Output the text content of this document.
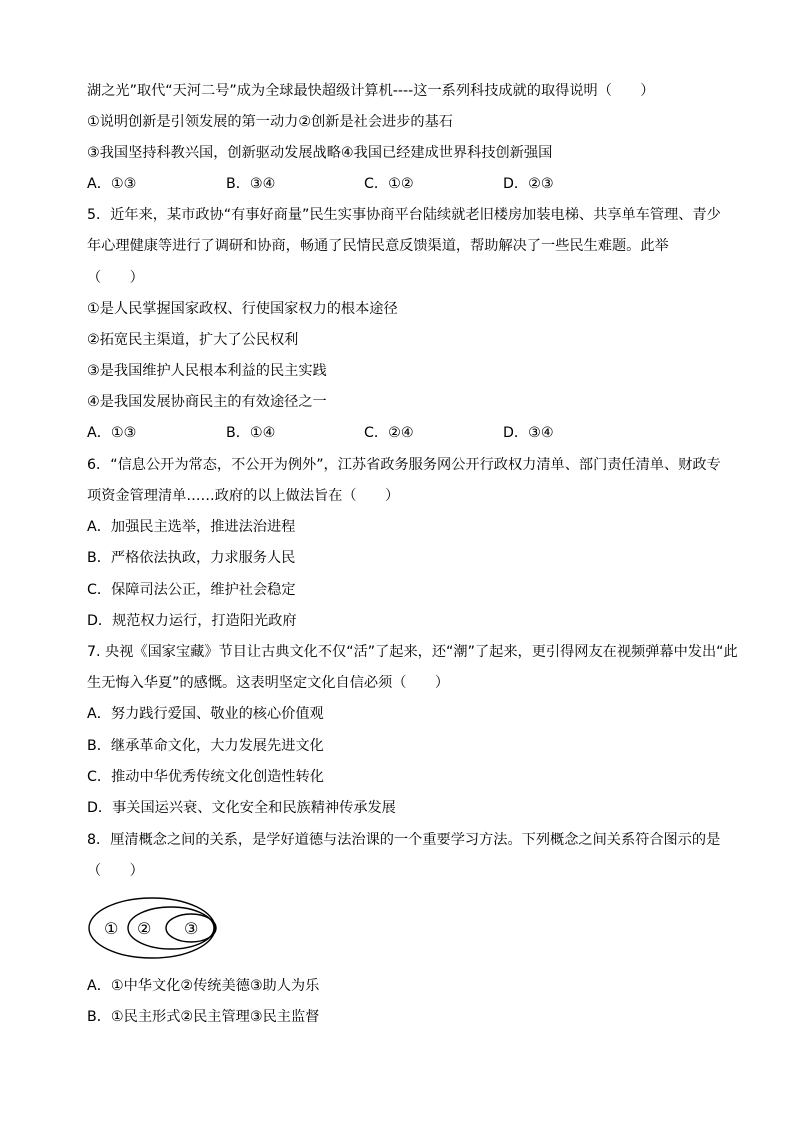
湖之光”取代“天河二号”成为全球最快超级计算机----这一系列科技成就的取得说明（　　）
①说明创新是引领发展的第一动力②创新是社会进步的基石
③我国坚持科教兴国，创新驱动发展战略④我国已经建成世界科技创新强国
A．①③	B．③④	C．①②	D．②③
5．近年来，某市政协“有事好商量”民生实事协商平台陆续就老旧楼房加装电梯、共享单车管理、青少
年心理健康等进行了调研和协商，畅通了民情民意反馈渠道，帮助解决了一些民生难题。此举
（　　）
①是人民掌握国家政权、行使国家权力的根本途径
②拓宽民主渠道，扩大了公民权利
③是我国维护人民根本利益的民主实践
④是我国发展协商民主的有效途径之一
A．①③	B．①④	C．②④	D．③④
6．“信息公开为常态，不公开为例外”，江苏省政务服务网公开行政权力清单、部门责任清单、财政专
项资金管理清单……政府的以上做法旨在（　　）
A．加强民主选举，推进法治进程
B．严格依法执政，力求服务人民
C．保障司法公正，维护社会稳定
D．规范权力运行，打造阳光政府
7. 央视《国家宝藏》节目让古典文化不仅“活”了起来，还“潮”了起来，更引得网友在视频弹幕中发出“此
生无悔入华夏”的感慨。这表明坚定文化自信必须（　　）
A．努力践行爱国、敬业的核心价值观
B．继承革命文化，大力发展先进文化
C．推动中华优秀传统文化创造性转化
D．事关国运兴衰、文化安全和民族精神传承发展
8．厘清概念之间的关系，是学好道德与法治课的一个重要学习方法。下列概念之间关系符合图示的是
（　　）
① ② ③
A．①中华文化②传统美德③助人为乐
B．①民主形式②民主管理③民主监督
